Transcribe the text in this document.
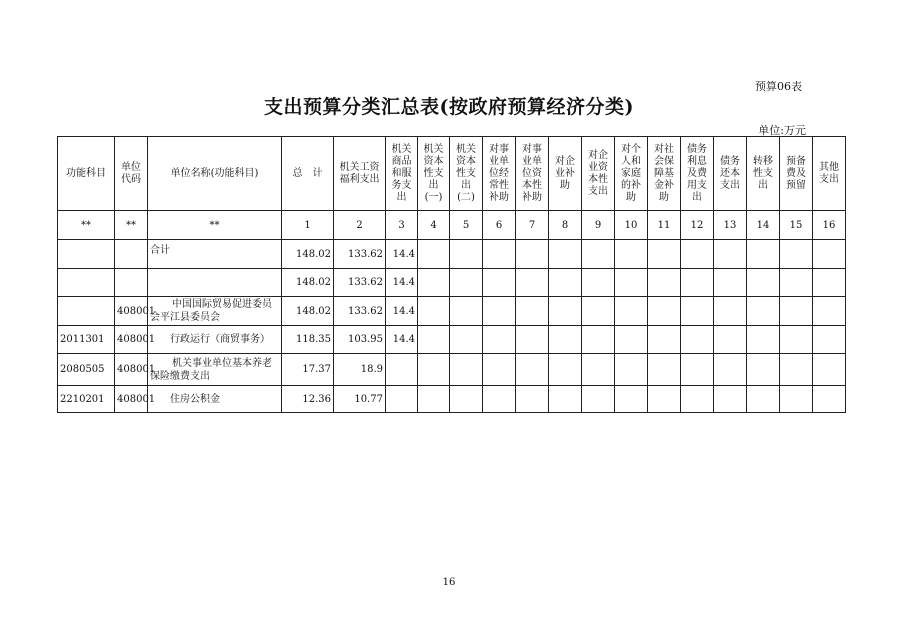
预算06表
支出预算分类汇总表(按政府预算经济分类)
单位:万元
功能科目	单位代码	单位名称(功能科目)	总　计	机关工资福利支出	机关商品和服务支出	机关资本性支出(一)	机关资本性支出(二)	对事业单位经常性补助	对事业单位资本性补助	对企业补助	对企业资本性支出	对个人和家庭的补助	对社会保障基金补助	债务利息及费用支出	债务还本支出	转移性支出	预备费及预留	其他支出
**	**	**	1	2	3	4	5	6	7	8	9	10	11	12	13	14	15	16
		合计	148.02	133.62	14.4													
			148.02	133.62	14.4													
	408001	中国国际贸易促进委员会平江县委员会	148.02	133.62	14.4													
2011301	408001	行政运行（商贸事务）	118.35	103.95	14.4													
2080505	408001	机关事业单位基本养老保险缴费支出	17.37	18.9														
2210201	408001	住房公积金	12.36	10.77														
16
